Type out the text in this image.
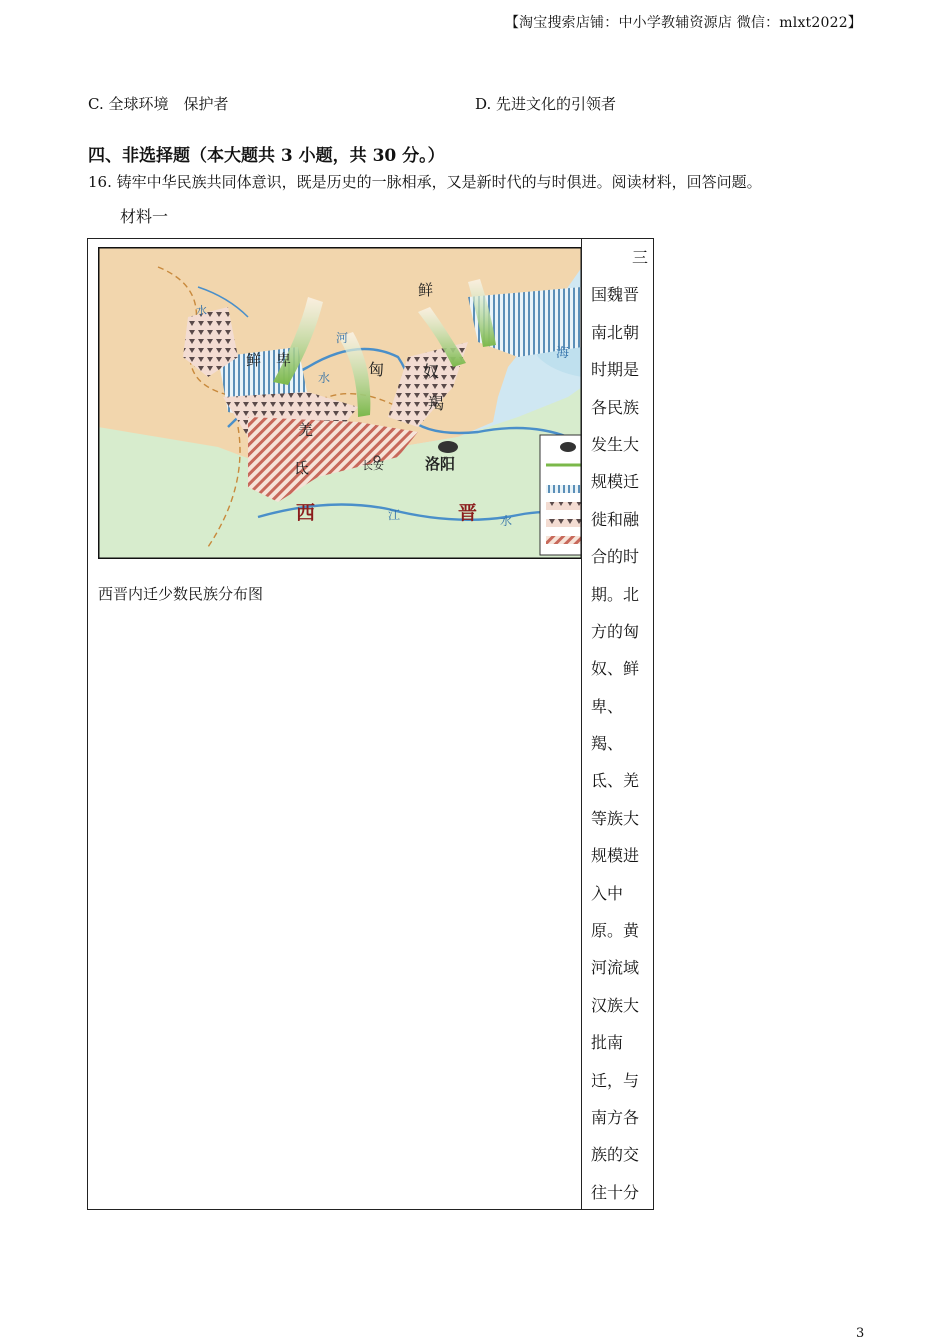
【淘宝搜索店铺：中小学教辅资源店 微信：mlxt2022】
C. 全球环境　保护者	D. 先进文化的引领者
四、非选择题（本大题共 3 小题，共 30 分。）
16. 铸牢中华民族共同体意识，既是历史的一脉相承，又是新时代的与时俱进。阅读材料，回答问题。
材料一
鲜
鲜　卑	匈 奴
羯
羌
氐	长安	洛阳
西	晋
水
河
水
江	水
海
西晋内迁少数民族分布图
三
国魏晋
南北朝
时期是
各民族
发生大
规模迁
徙和融
合的时
期。北
方的匈
奴、鲜
卑、
羯、
氐、羌
等族大
规模进
入中
原。黄
河流域
汉族大
批南
迁，与
南方各
族的交
往十分
3
